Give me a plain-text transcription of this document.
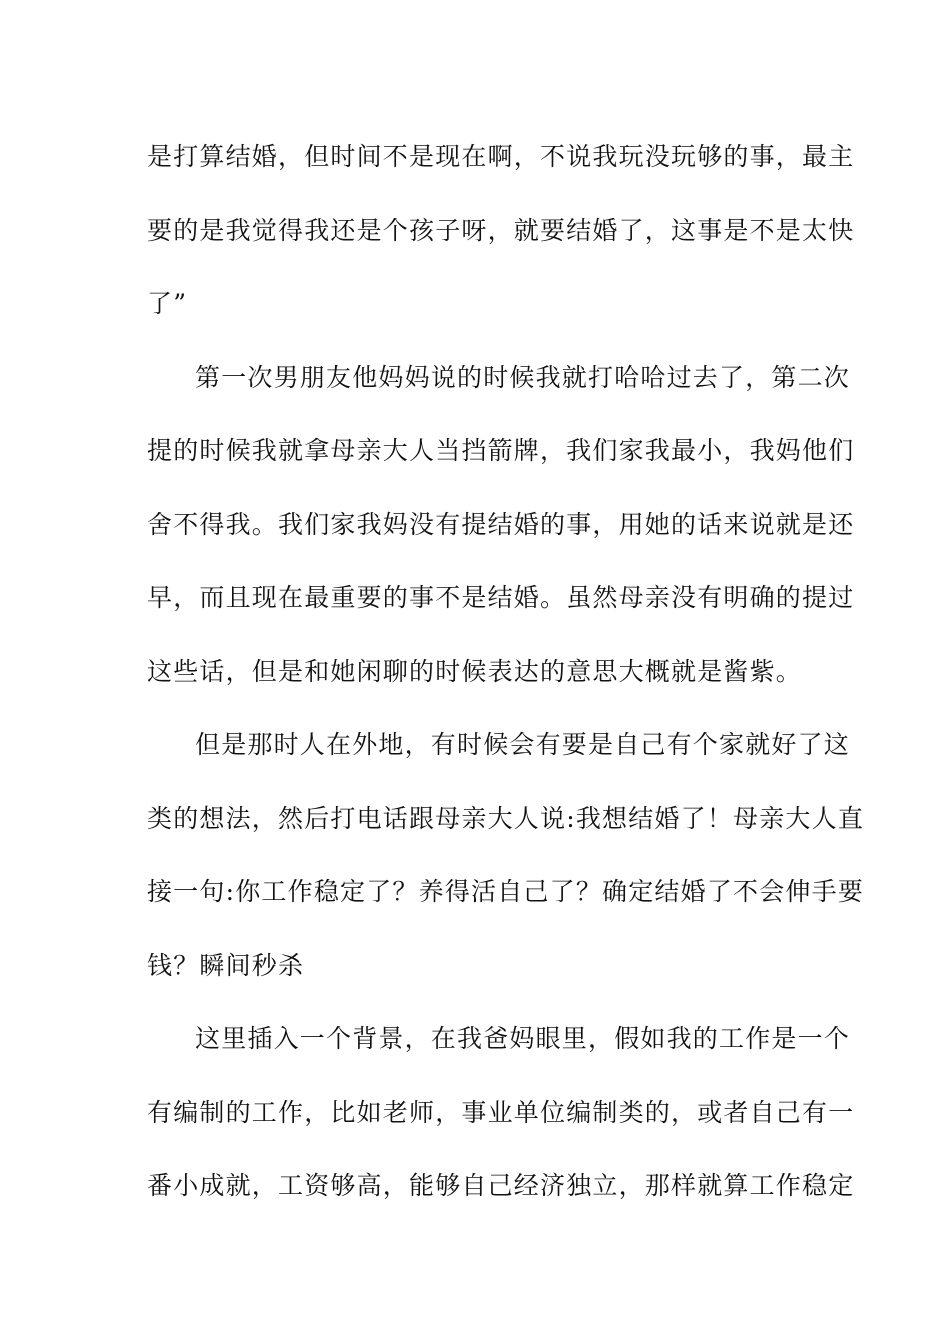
是打算结婚，但时间不是现在啊，不说我玩没玩够的事，最主
要的是我觉得我还是个孩子呀，就要结婚了，这事是不是太快
了”
第一次男朋友他妈妈说的时候我就打哈哈过去了，第二次
提的时候我就拿母亲大人当挡箭牌，我们家我最小，我妈他们
舍不得我。我们家我妈没有提结婚的事，用她的话来说就是还
早，而且现在最重要的事不是结婚。虽然母亲没有明确的提过
这些话，但是和她闲聊的时候表达的意思大概就是酱紫。
但是那时人在外地，有时候会有要是自己有个家就好了这
类的想法，然后打电话跟母亲大人说:我想结婚了！母亲大人直
接一句:你工作稳定了？养得活自己了？确定结婚了不会伸手要
钱？瞬间秒杀
这里插入一个背景，在我爸妈眼里，假如我的工作是一个
有编制的工作，比如老师，事业单位编制类的，或者自己有一
番小成就，工资够高，能够自己经济独立，那样就算工作稳定
